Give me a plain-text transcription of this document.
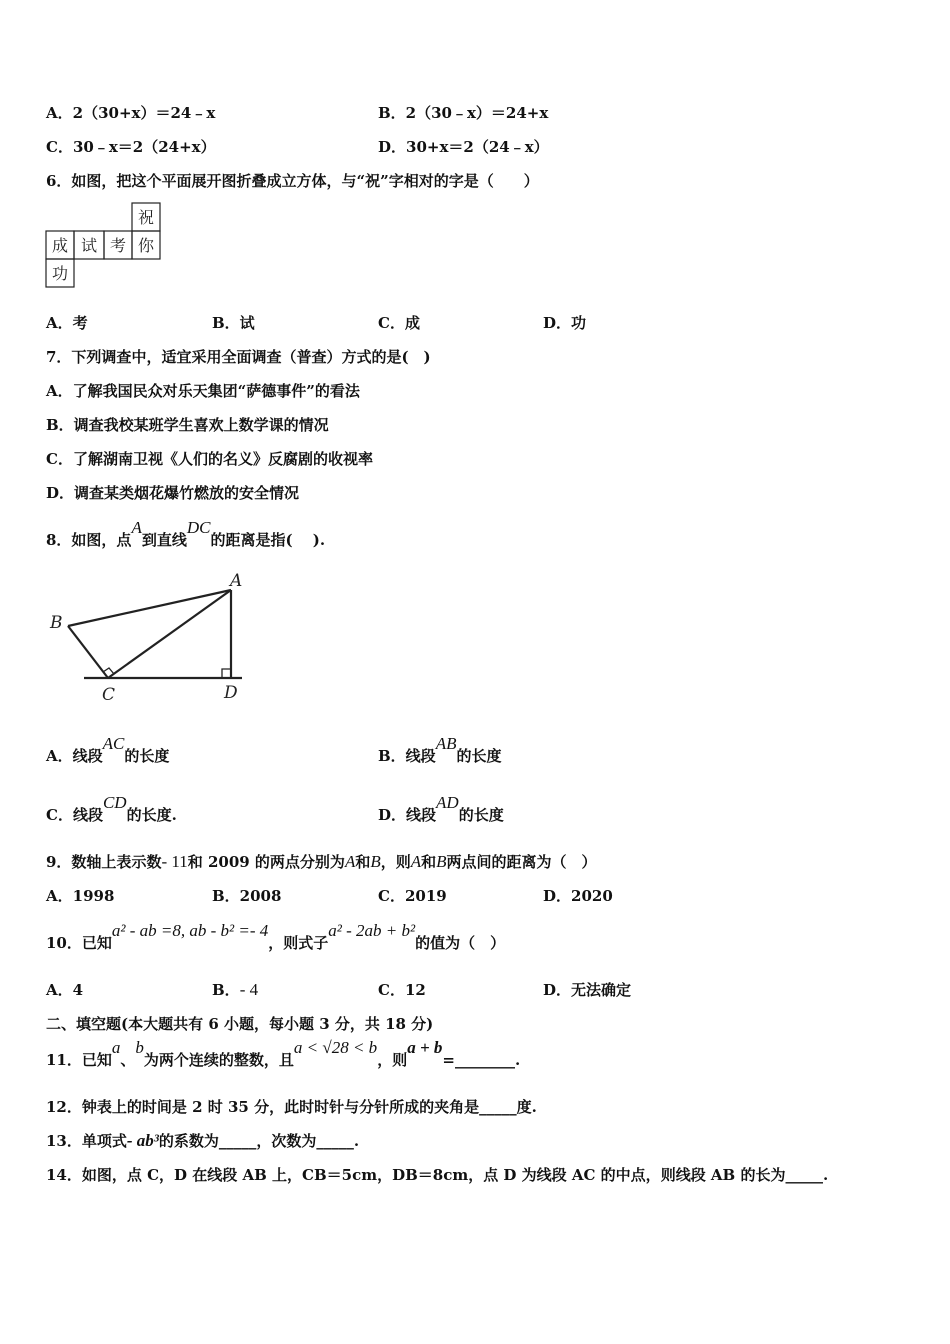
A．2（30+x）＝24﹣x	B．2（30﹣x）＝24+x
C．30﹣x＝2（24+x）	D．30+x＝2（24﹣x）
6．如图，把这个平面展开图折叠成立方体，与“祝”字相对的字是（　　）
祝
成 试 考 你
功
A．考	B．试	C．成	D．功
7．下列调查中，适宜采用全面调查（普查）方式的是(　)
A．了解我国民众对乐天集团“萨德事件”的看法
B．调查我校某班学生喜欢上数学课的情况
C．了解湖南卫视《人们的名义》反腐剧的收视率
D．调查某类烟花爆竹燃放的安全情况
8．如图，点A到直线DC的距离是指(　 ).
A
B
C	D
A．线段AC的长度	B．线段AB的长度
C．线段CD的长度.	D．线段AD的长度
9．数轴上表示数- 11和 2009 的两点分别为A和B，则A和B两点间的距离为（　）
A．1998	B．2008	C．2019	D．2020
10．已知a² - ab =8, ab - b² =- 4，则式子a² - 2ab + b²的值为（　）
A．4	B．- 4	C．12	D．无法确定
二、填空题(本大题共有 6 小题，每小题 3 分，共 18 分)
11．已知a、b为两个连续的整数，且a < √28 < b，则a + b=________.
12．钟表上的时间是 2 时 35 分，此时时针与分针所成的夹角是_____度.
13．单项式- ab³的系数为_____，次数为_____.
14．如图，点 C，D 在线段 AB 上，CB＝5cm，DB＝8cm，点 D 为线段 AC 的中点，则线段 AB 的长为_____.
